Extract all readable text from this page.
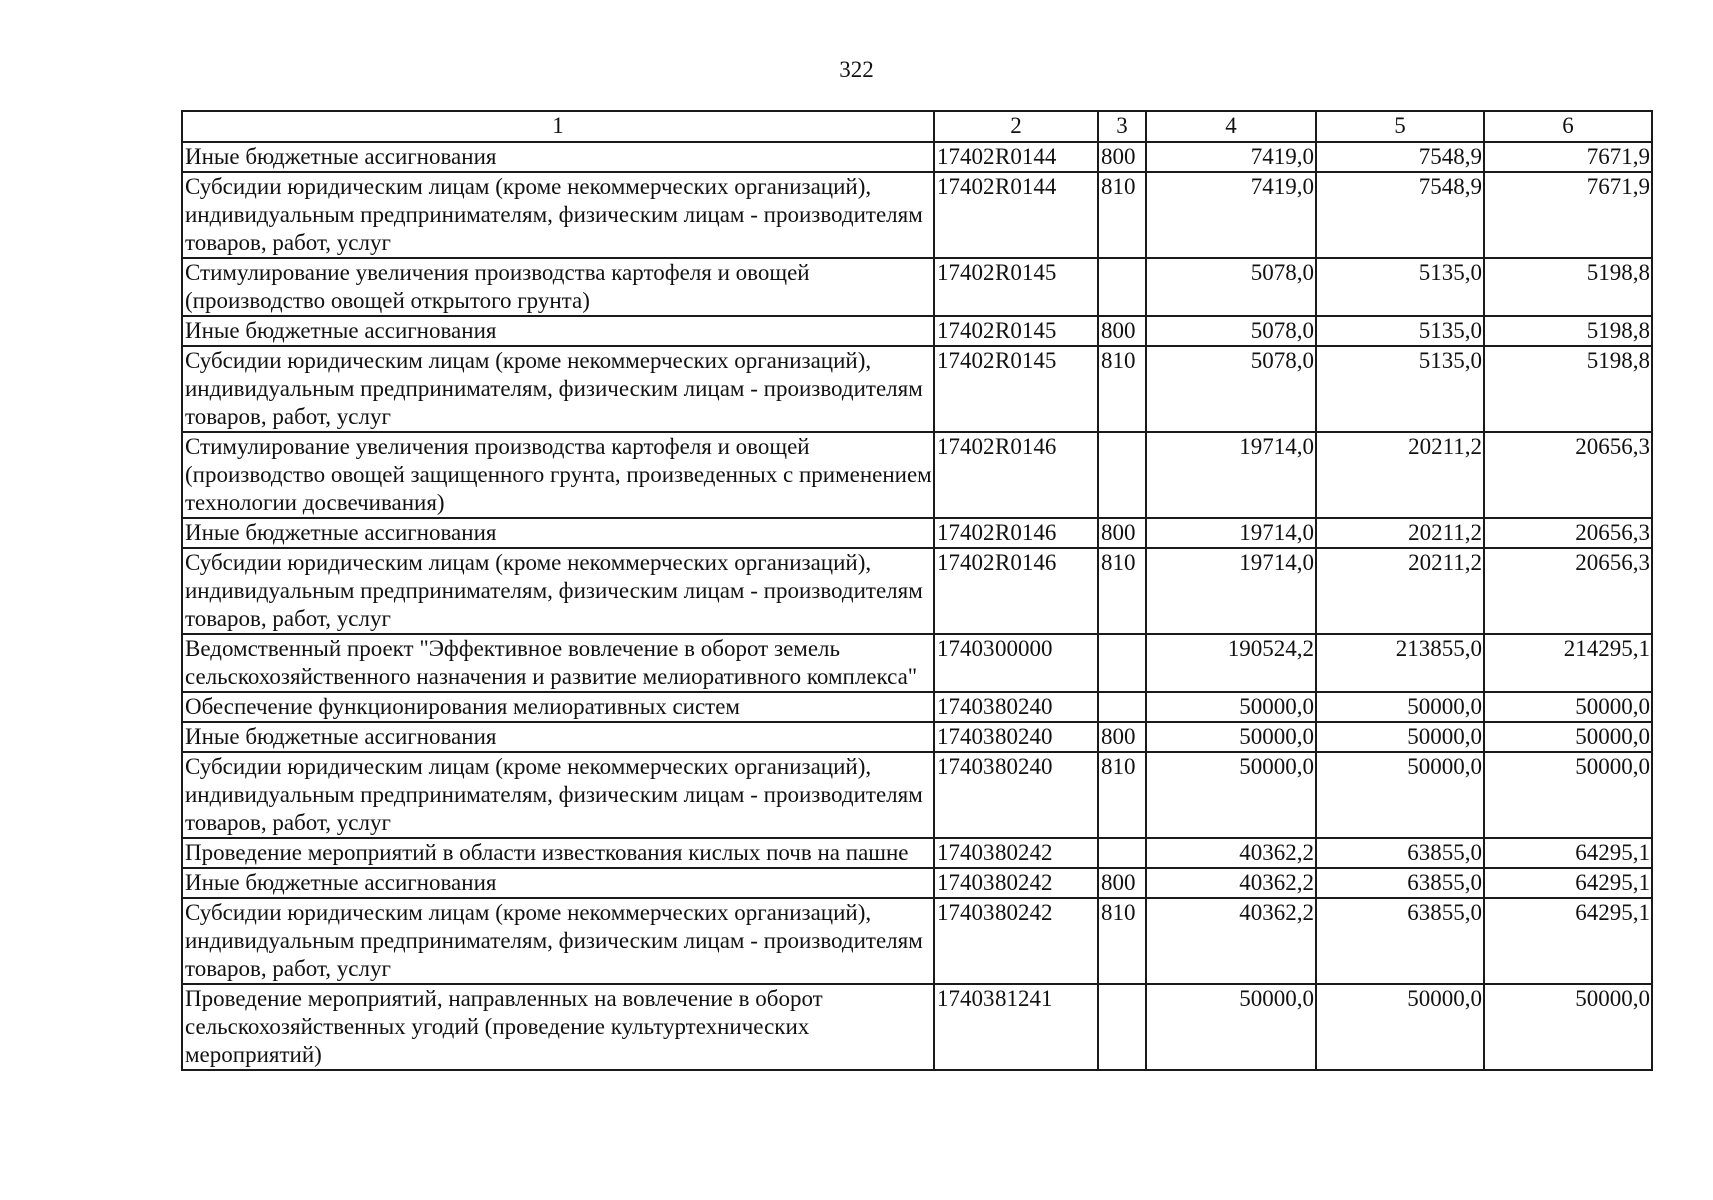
322
1	2	3	4	5	6
Иные бюджетные ассигнования	17402R0144	800	7419,0	7548,9	7671,9
Субсидии юридическим лицам (кроме некоммерческих организаций), индивидуальным предпринимателям, физическим лицам - производителям товаров, работ, услуг	17402R0144	810	7419,0	7548,9	7671,9
Стимулирование увеличения производства картофеля и овощей (производство овощей открытого грунта)	17402R0145		5078,0	5135,0	5198,8
Иные бюджетные ассигнования	17402R0145	800	5078,0	5135,0	5198,8
Субсидии юридическим лицам (кроме некоммерческих организаций), индивидуальным предпринимателям, физическим лицам - производителям товаров, работ, услуг	17402R0145	810	5078,0	5135,0	5198,8
Стимулирование увеличения производства картофеля и овощей (производство овощей защищенного грунта, произведенных с применением технологии досвечивания)	17402R0146		19714,0	20211,2	20656,3
Иные бюджетные ассигнования	17402R0146	800	19714,0	20211,2	20656,3
Субсидии юридическим лицам (кроме некоммерческих организаций), индивидуальным предпринимателям, физическим лицам - производителям товаров, работ, услуг	17402R0146	810	19714,0	20211,2	20656,3
Ведомственный проект "Эффективное вовлечение в оборот земель сельскохозяйственного назначения и развитие мелиоративного комплекса"	1740300000		190524,2	213855,0	214295,1
Обеспечение функционирования мелиоративных систем	1740380240		50000,0	50000,0	50000,0
Иные бюджетные ассигнования	1740380240	800	50000,0	50000,0	50000,0
Субсидии юридическим лицам (кроме некоммерческих организаций), индивидуальным предпринимателям, физическим лицам - производителям товаров, работ, услуг	1740380240	810	50000,0	50000,0	50000,0
Проведение мероприятий в области известкования кислых почв на пашне	1740380242		40362,2	63855,0	64295,1
Иные бюджетные ассигнования	1740380242	800	40362,2	63855,0	64295,1
Субсидии юридическим лицам (кроме некоммерческих организаций), индивидуальным предпринимателям, физическим лицам - производителям товаров, работ, услуг	1740380242	810	40362,2	63855,0	64295,1
Проведение мероприятий, направленных на вовлечение в оборот сельскохозяйственных угодий (проведение культуртехнических мероприятий)	1740381241		50000,0	50000,0	50000,0
